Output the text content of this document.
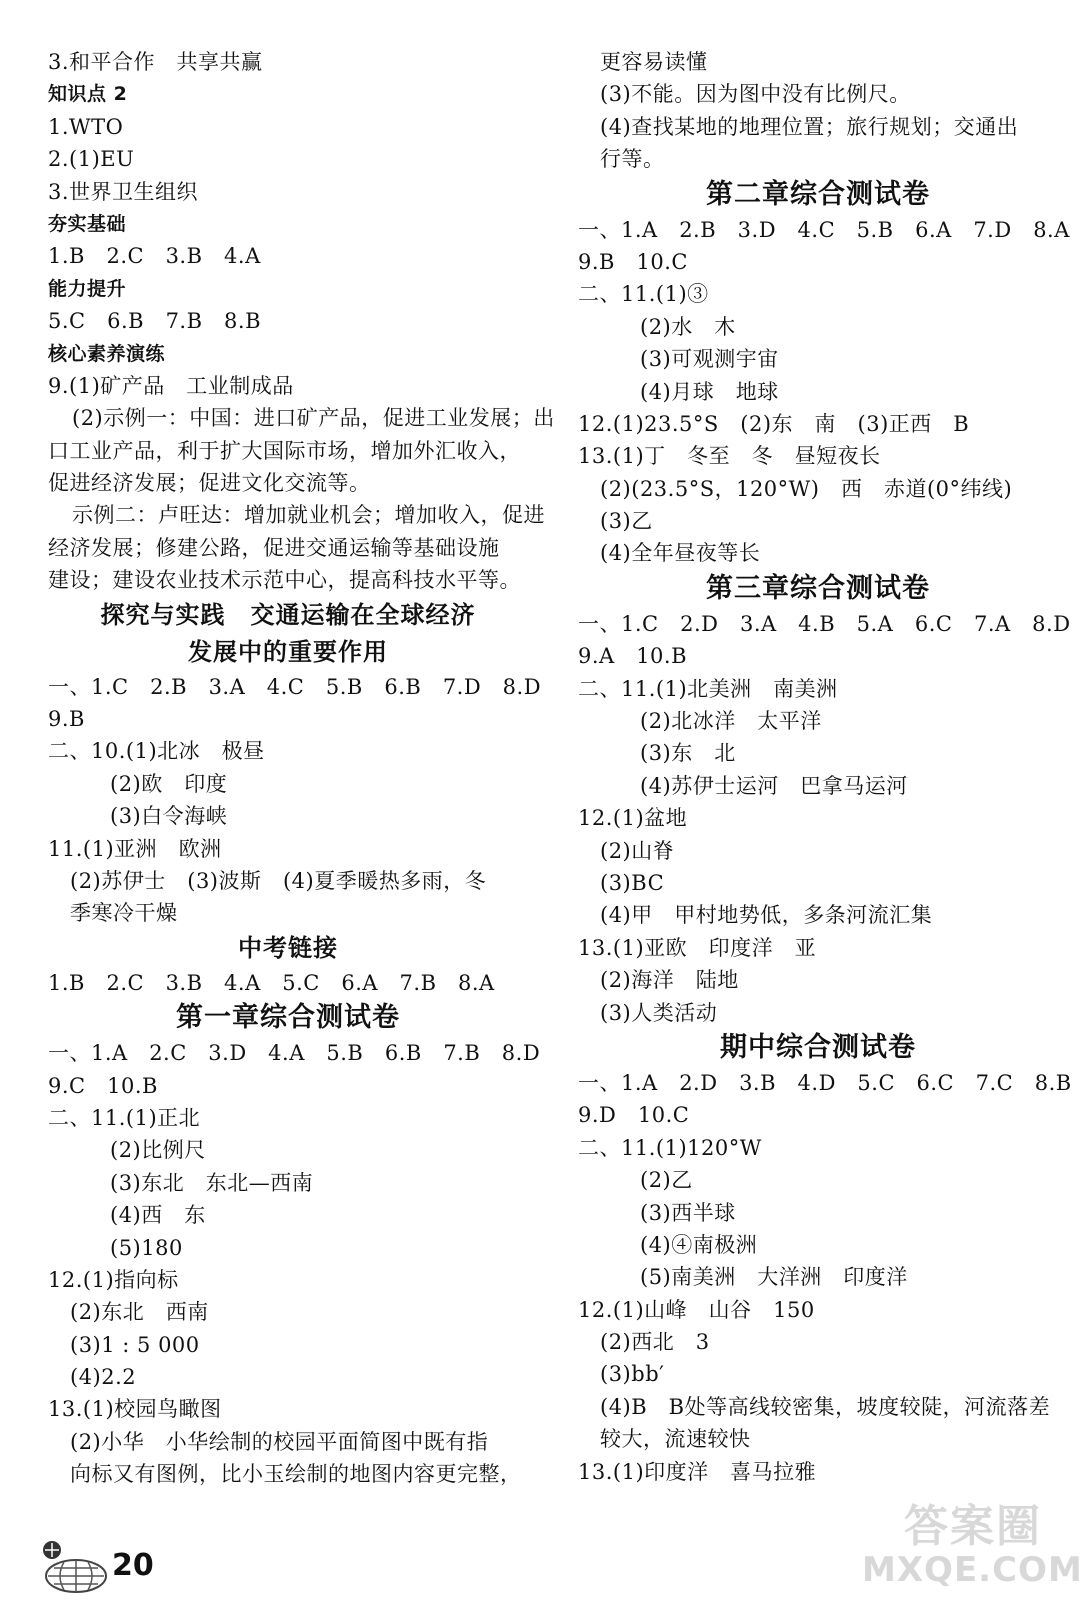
3.和平合作　共享共赢
知识点 2
1.WTO
2.(1)EU
3.世界卫生组织
夯实基础
1.B　2.C　3.B　4.A
能力提升
5.C　6.B　7.B　8.B
核心素养演练
9.(1)矿产品　工业制成品
(2)示例一：中国：进口矿产品，促进工业发展；出
口工业产品，利于扩大国际市场，增加外汇收入，
促进经济发展；促进文化交流等。
示例二：卢旺达：增加就业机会；增加收入，促进
经济发展；修建公路，促进交通运输等基础设施
建设；建设农业技术示范中心，提高科技水平等。
探究与实践　交通运输在全球经济
发展中的重要作用
一、1.C　2.B　3.A　4.C　5.B　6.B　7.D　8.D
9.B
二、10.(1)北冰　极昼
(2)欧　印度
(3)白令海峡
11.(1)亚洲　欧洲
(2)苏伊士　(3)波斯　(4)夏季暖热多雨，冬
季寒冷干燥
中考链接
1.B　2.C　3.B　4.A　5.C　6.A　7.B　8.A
第一章综合测试卷
一、1.A　2.C　3.D　4.A　5.B　6.B　7.B　8.D
9.C　10.B
二、11.(1)正北
(2)比例尺
(3)东北　东北—西南
(4)西　东
(5)180
12.(1)指向标
(2)东北　西南
(3)1 : 5 000
(4)2.2
13.(1)校园鸟瞰图
(2)小华　小华绘制的校园平面简图中既有指
向标又有图例，比小玉绘制的地图内容更完整，
更容易读懂
(3)不能。因为图中没有比例尺。
(4)查找某地的地理位置；旅行规划；交通出
行等。
第二章综合测试卷
一、1.A　2.B　3.D　4.C　5.B　6.A　7.D　8.A
9.B　10.C
二、11.(1)③
(2)水　木
(3)可观测宇宙
(4)月球　地球
12.(1)23.5°S　(2)东　南　(3)正西　B
13.(1)丁　冬至　冬　昼短夜长
(2)(23.5°S，120°W)　西　赤道(0°纬线)
(3)乙
(4)全年昼夜等长
第三章综合测试卷
一、1.C　2.D　3.A　4.B　5.A　6.C　7.A　8.D
9.A　10.B
二、11.(1)北美洲　南美洲
(2)北冰洋　太平洋
(3)东　北
(4)苏伊士运河　巴拿马运河
12.(1)盆地
(2)山脊
(3)BC
(4)甲　甲村地势低，多条河流汇集
13.(1)亚欧　印度洋　亚
(2)海洋　陆地
(3)人类活动
期中综合测试卷
一、1.A　2.D　3.B　4.D　5.C　6.C　7.C　8.B
9.D　10.C
二、11.(1)120°W
(2)乙
(3)西半球
(4)④南极洲
(5)南美洲　大洋洲　印度洋
12.(1)山峰　山谷　150
(2)西北　3
(3)bb′
(4)B　B处等高线较密集，坡度较陡，河流落差
较大，流速较快
13.(1)印度洋　喜马拉雅
20
答案圈
MXQE.COM
